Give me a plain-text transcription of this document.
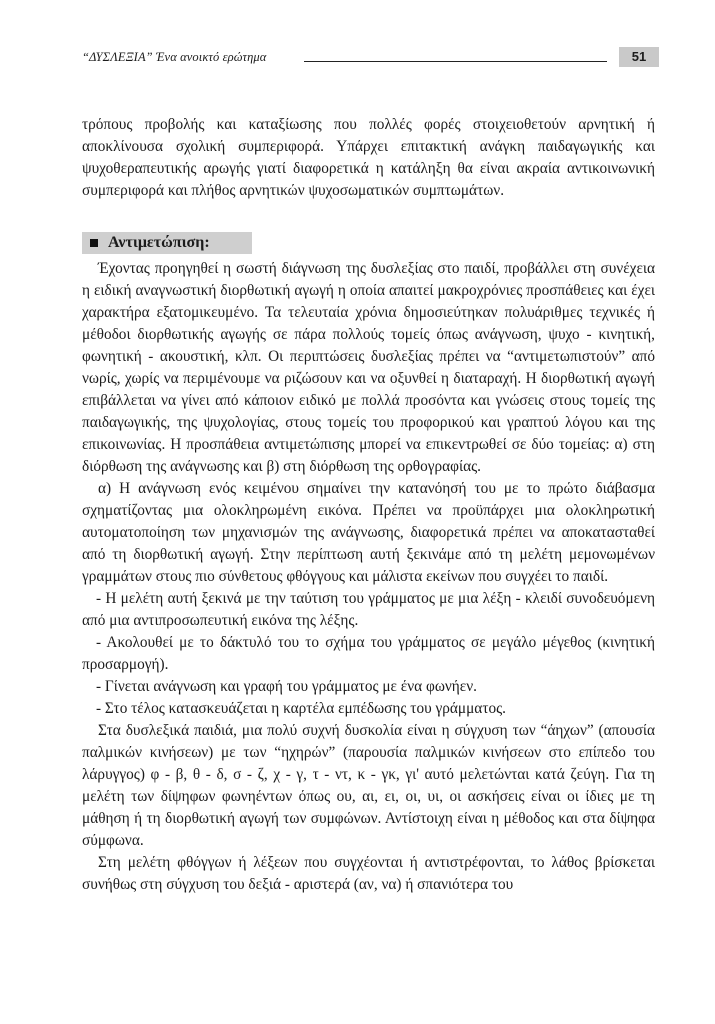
“ΔΥΣΛΕΞΙΑ” Ένα ανοικτό ερώτημα	51

τρόπους προβολής και καταξίωσης που πολλές φορές στοιχειοθετούν αρνητική ή αποκλίνουσα σχολική συμπεριφορά. Υπάρχει επιτακτική ανάγκη παιδαγωγικής και ψυχοθεραπευτικής αρωγής γιατί διαφορετικά η κατάληξη θα είναι ακραία αντικοινωνική συμπεριφορά και πλήθος αρνητικών ψυχοσωματικών συμπτωμάτων.

Αντιμετώπιση:

Έχοντας προηγηθεί η σωστή διάγνωση της δυσλεξίας στο παιδί, προβάλλει στη συνέχεια η ειδική αναγνωστική διορθωτική αγωγή η οποία απαιτεί μακροχρόνιες προσπάθειες και έχει χαρακτήρα εξατομικευμένο. Τα τελευταία χρόνια δημοσιεύτηκαν πολυάριθμες τεχνικές ή μέθοδοι διορθωτικής αγωγής σε πάρα πολλούς τομείς όπως ανάγνωση, ψυχο - κινητική, φωνητική - ακουστική, κλπ. Οι περιπτώσεις δυσλεξίας πρέπει να “αντιμετωπιστούν” από νωρίς, χωρίς να περιμένουμε να ριζώσουν και να οξυνθεί η διαταραχή. Η διορθωτική αγωγή επιβάλλεται να γίνει από κάποιον ειδικό με πολλά προσόντα και γνώσεις στους τομείς της παιδαγωγικής, της ψυχολογίας, στους τομείς του προφορικού και γραπτού λόγου και της επικοινωνίας. Η προσπάθεια αντιμετώπισης μπορεί να επικεντρωθεί σε δύο τομείας: α) στη διόρθωση της ανάγνωσης και β) στη διόρθωση της ορθογραφίας.

α) Η ανάγνωση ενός κειμένου σημαίνει την κατανόησή του με το πρώτο διάβασμα σχηματίζοντας μια ολοκληρωμένη εικόνα. Πρέπει να προϋπάρχει μια ολοκληρωτική αυτοματοποίηση των μηχανισμών της ανάγνωσης, διαφορετικά πρέπει να αποκατασταθεί από τη διορθωτική αγωγή. Στην περίπτωση αυτή ξεκινάμε από τη μελέτη μεμονωμένων γραμμάτων στους πιο σύνθετους φθόγγους και μάλιστα εκείνων που συγχέει το παιδί.

- Η μελέτη αυτή ξεκινά με την ταύτιση του γράμματος με μια λέξη - κλειδί συνοδευόμενη από μια αντιπροσωπευτική εικόνα της λέξης.

- Ακολουθεί με το δάκτυλό του το σχήμα του γράμματος σε μεγάλο μέγεθος (κινητική προσαρμογή).

- Γίνεται ανάγνωση και γραφή του γράμματος με ένα φωνήεν.

- Στο τέλος κατασκευάζεται η καρτέλα εμπέδωσης του γράμματος.

Στα δυσλεξικά παιδιά, μια πολύ συχνή δυσκολία είναι η σύγχυση των “άηχων” (απουσία παλμικών κινήσεων) με των “ηχηρών” (παρουσία παλμικών κινήσεων στο επίπεδο του λάρυγγος) φ - β, θ - δ, σ - ζ, χ - γ, τ - ντ, κ - γκ, γι' αυτό μελετώνται κατά ζεύγη. Για τη μελέτη των δίψηφων φωνηέντων όπως ου, αι, ει, οι, υι, οι ασκήσεις είναι οι ίδιες με τη μάθηση ή τη διορθωτική αγωγή των συμφώνων. Αντίστοιχη είναι η μέθοδος και στα δίψηφα σύμφωνα.

Στη μελέτη φθόγγων ή λέξεων που συγχέονται ή αντιστρέφονται, το λάθος βρίσκεται συνήθως στη σύγχυση του δεξιά - αριστερά (αν, να) ή σπανιότερα του
